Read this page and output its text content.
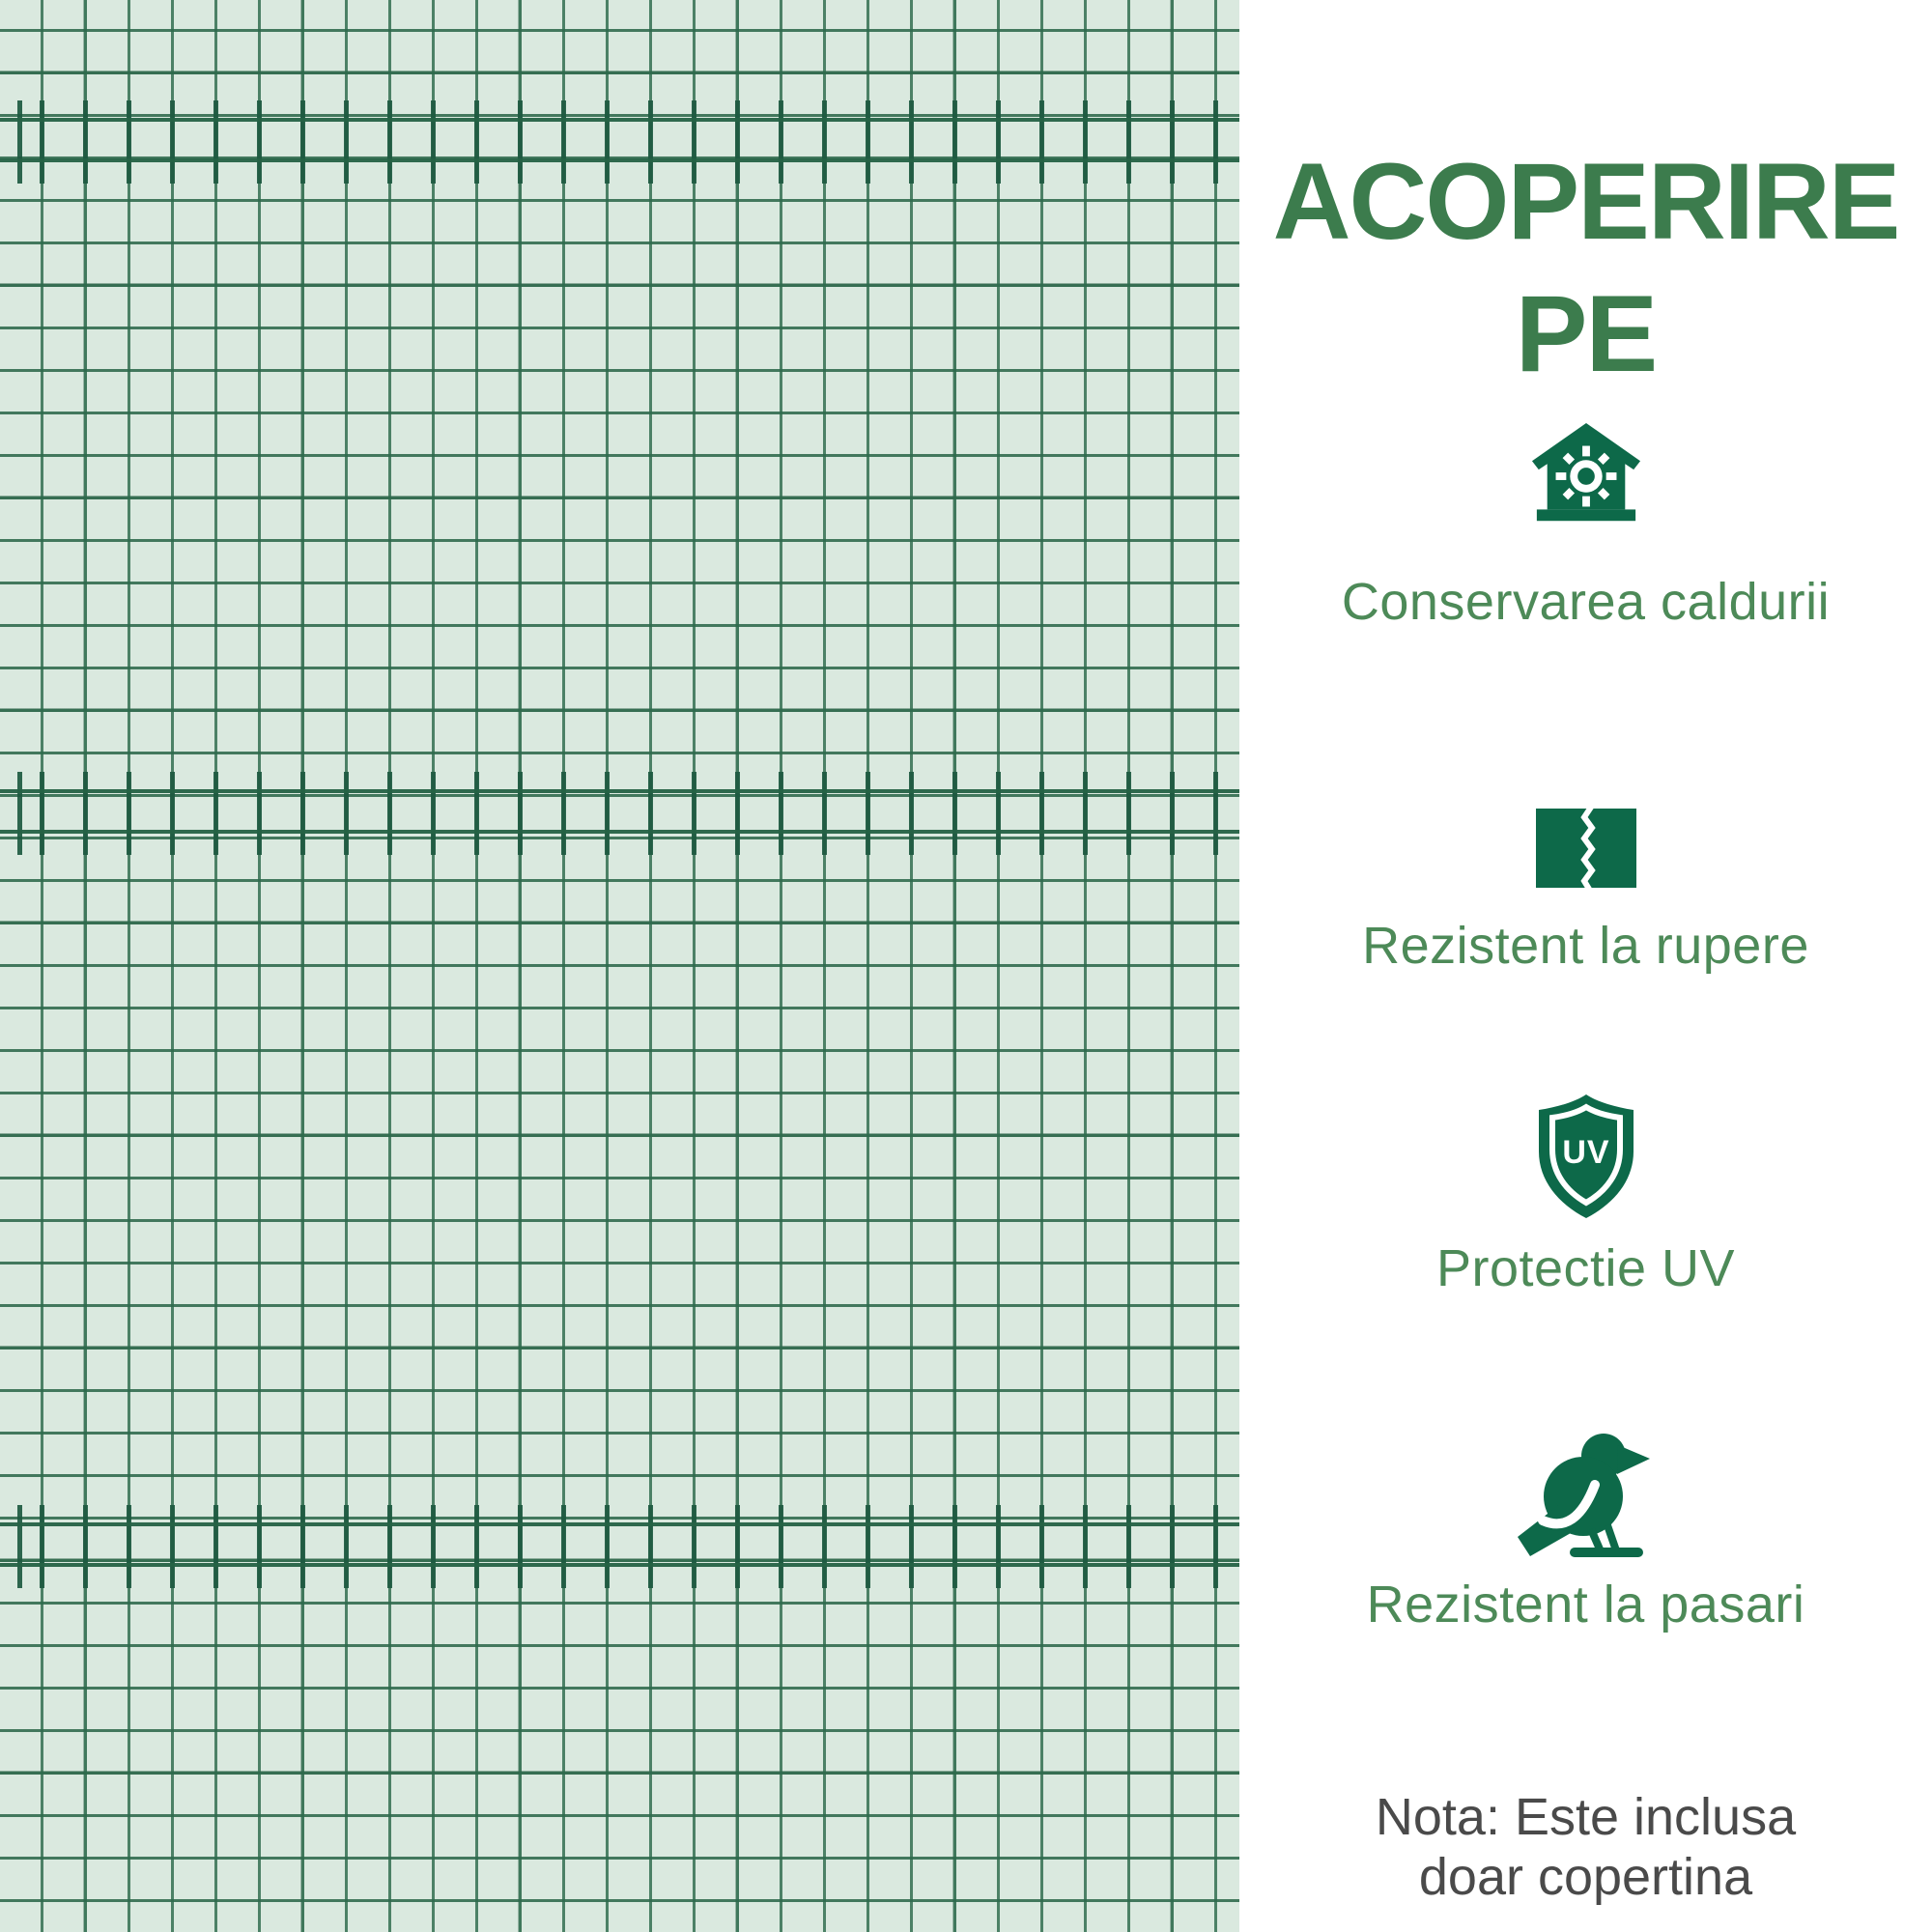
ACOPERIRE
PE
Conservarea caldurii
Rezistent la rupere
UV
Protectie UV
Rezistent la pasari
Nota: Este inclusa
doar copertina
